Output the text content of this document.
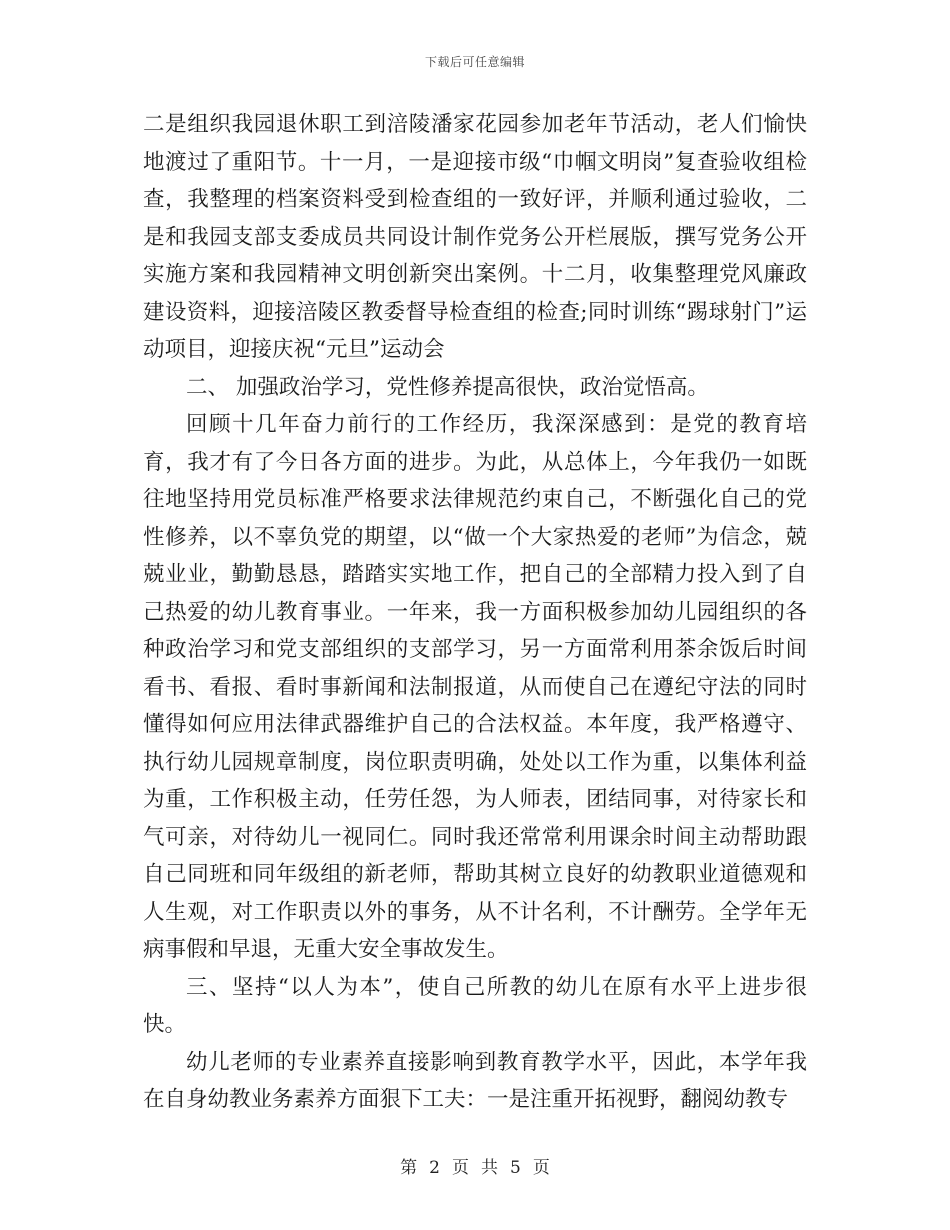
下载后可任意编辑

二是组织我园退休职工到涪陵潘家花园参加老年节活动，老人们愉快地渡过了重阳节。十一月，一是迎接市级“巾帼文明岗”复查验收组检查，我整理的档案资料受到检查组的一致好评，并顺利通过验收，二是和我园支部支委成员共同设计制作党务公开栏展版，撰写党务公开实施方案和我园精神文明创新突出案例。十二月，收集整理党风廉政建设资料，迎接涪陵区教委督导检查组的检查;同时训练“踢球射门”运动项目，迎接庆祝“元旦”运动会

二、 加强政治学习，党性修养提高很快，政治觉悟高。

回顾十几年奋力前行的工作经历，我深深感到：是党的教育培育，我才有了今日各方面的进步。为此，从总体上，今年我仍一如既往地坚持用党员标准严格要求法律规范约束自己，不断强化自己的党性修养，以不辜负党的期望，以“做一个大家热爱的老师”为信念，兢兢业业，勤勤恳恳，踏踏实实地工作，把自己的全部精力投入到了自己热爱的幼儿教育事业。一年来，我一方面积极参加幼儿园组织的各种政治学习和党支部组织的支部学习，另一方面常利用茶余饭后时间看书、看报、看时事新闻和法制报道，从而使自己在遵纪守法的同时懂得如何应用法律武器维护自己的合法权益。本年度，我严格遵守、执行幼儿园规章制度，岗位职责明确，处处以工作为重，以集体利益为重，工作积极主动，任劳任怨，为人师表，团结同事，对待家长和气可亲，对待幼儿一视同仁。同时我还常常利用课余时间主动帮助跟自己同班和同年级组的新老师，帮助其树立良好的幼教职业道德观和人生观，对工作职责以外的事务，从不计名利，不计酬劳。全学年无病事假和早退，无重大安全事故发生。

三、坚持“以人为本”，使自己所教的幼儿在原有水平上进步很快。

幼儿老师的专业素养直接影响到教育教学水平，因此，本学年我在自身幼教业务素养方面狠下工夫：一是注重开拓视野，翻阅幼教专

第 2 页 共 5 页
